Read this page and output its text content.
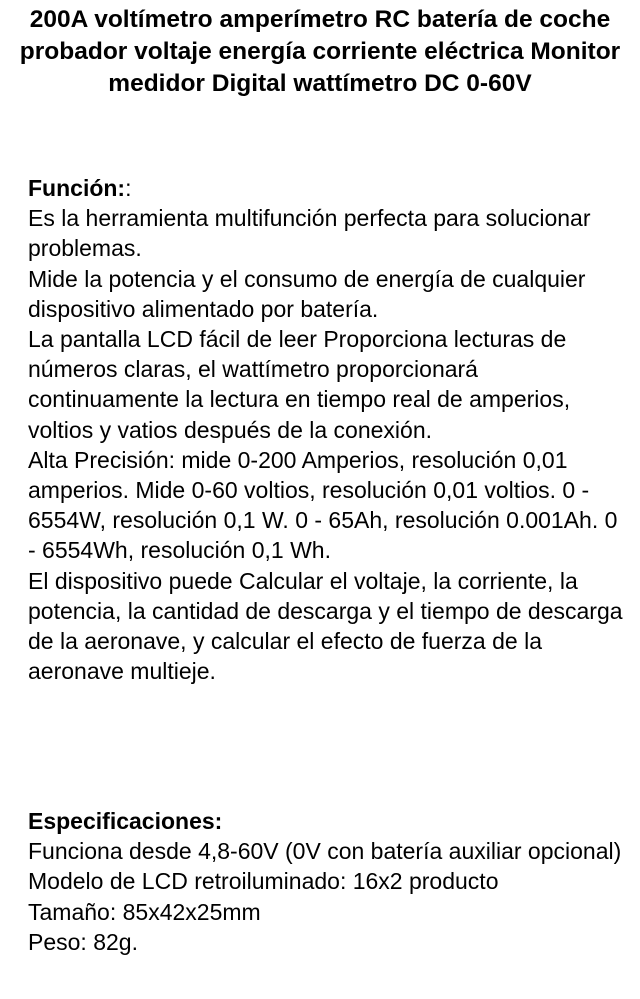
200A voltímetro amperímetro RC batería de coche probador voltaje energía corriente eléctrica Monitor medidor Digital wattímetro DC 0-60V
Función::

Es la herramienta multifunción perfecta para solucionar problemas.

Mide la potencia y el consumo de energía de cualquier dispositivo alimentado por batería.

La pantalla LCD fácil de leer Proporciona lecturas de números claras, el wattímetro proporcionará continuamente la lectura en tiempo real de amperios, voltios y vatios después de la conexión.

Alta Precisión: mide 0-200 Amperios, resolución 0,01 amperios. Mide 0-60 voltios, resolución 0,01 voltios. 0 - 6554W, resolución 0,1 W. 0 - 65Ah, resolución 0.001Ah. 0 - 6554Wh, resolución 0,1 Wh.

El dispositivo puede Calcular el voltaje, la corriente, la potencia, la cantidad de descarga y el tiempo de descarga de la aeronave, y calcular el efecto de fuerza de la aeronave multieje.

Especificaciones:

Funciona desde 4,8-60V (0V con batería auxiliar opcional)

Modelo de LCD retroiluminado: 16x2 producto

Tamaño: 85x42x25mm

Peso: 82g.
